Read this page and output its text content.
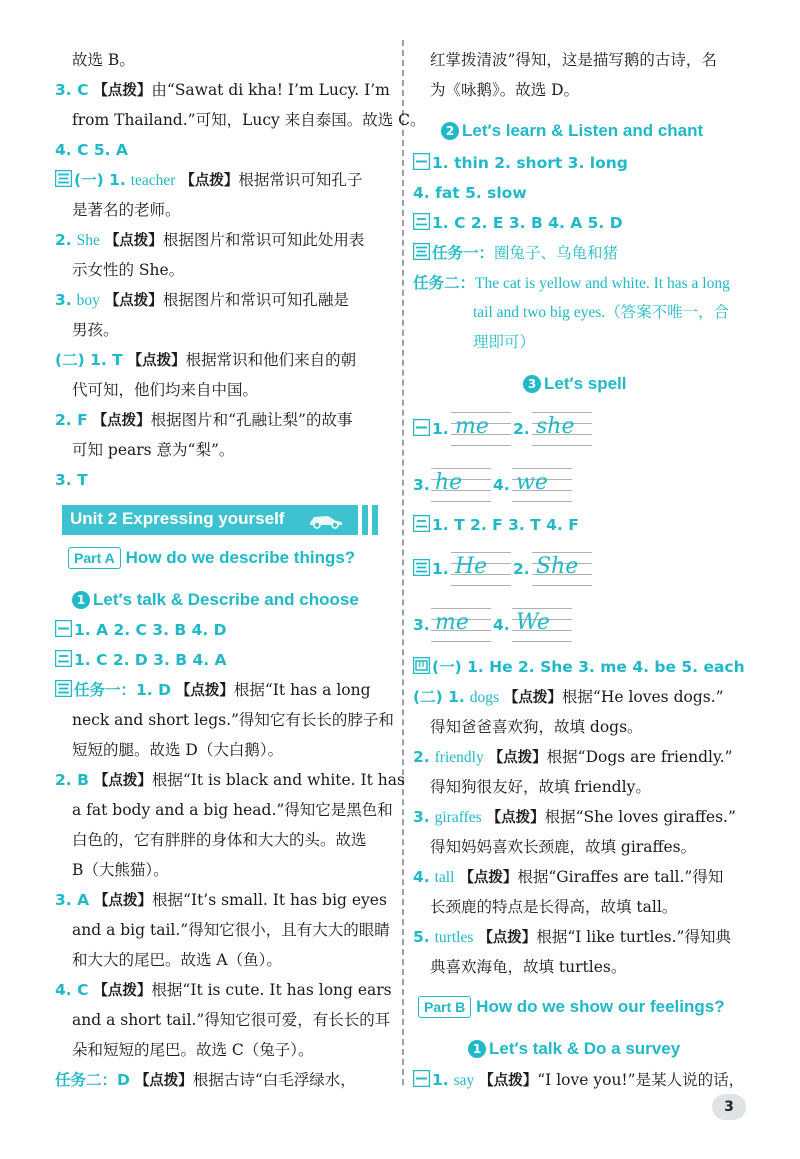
故选 B。
3. C 【点拨】由“Sawat di kha! I’m Lucy. I’m
from Thailand.”可知，Lucy 来自泰国。故选 C。
4. C 5. A
(一) 1. teacher 【点拨】根据常识可知孔子
是著名的老师。
2. She 【点拨】根据图片和常识可知此处用表
示女性的 She。
3. boy 【点拨】根据图片和常识可知孔融是
男孩。
(二) 1. T 【点拨】根据常识和他们来自的朝
代可知，他们均来自中国。
2. F 【点拨】根据图片和“孔融让梨”的故事
可知 pears 意为“梨”。
3. T
Unit 2 Expressing yourself
Part A How do we describe things?
1 Let′s talk & Describe and choose
1. A 2. C 3. B 4. D
1. C 2. D 3. B 4. A
任务一：1. D 【点拨】根据“It has a long
neck and short legs.”得知它有长长的脖子和
短短的腿。故选 D（大白鹅）。
2. B 【点拨】根据“It is black and white. It has
a fat body and a big head.”得知它是黑色和
白色的，它有胖胖的身体和大大的头。故选
B（大熊猫）。
3. A 【点拨】根据“It’s small. It has big eyes
and a big tail.”得知它很小，且有大大的眼睛
和大大的尾巴。故选 A（鱼）。
4. C 【点拨】根据“It is cute. It has long ears
and a short tail.”得知它很可爱，有长长的耳
朵和短短的尾巴。故选 C（兔子）。
任务二：D 【点拨】根据古诗“白毛浮绿水，
红掌拨清波”得知，这是描写鹅的古诗，名
为《咏鹅》。故选 D。
2 Let′s learn & Listen and chant
1. thin 2. short 3. long
4. fat 5. slow
1. C 2. E 3. B 4. A 5. D
任务一：圈兔子、乌龟和猪
任务二：The cat is yellow and white. It has a long
tail and two big eyes.（答案不唯一，合
理即可）
3 Let′s spell
1. me 2. she
3. he 4. we
1. T 2. F 3. T 4. F
1. He 2. She
3. me 4. We
(一) 1. He 2. She 3. me 4. be 5. each
(二) 1. dogs 【点拨】根据“He loves dogs.”
得知爸爸喜欢狗，故填 dogs。
2. friendly 【点拨】根据“Dogs are friendly.”
得知狗很友好，故填 friendly。
3. giraffes 【点拨】根据“She loves giraffes.”
得知妈妈喜欢长颈鹿，故填 giraffes。
4. tall 【点拨】根据“Giraffes are tall.”得知
长颈鹿的特点是长得高，故填 tall。
5. turtles 【点拨】根据“I like turtles.”得知典
典喜欢海龟，故填 turtles。
Part B How do we show our feelings?
1 Let′s talk & Do a survey
1. say 【点拨】“I love you!”是某人说的话，
3
